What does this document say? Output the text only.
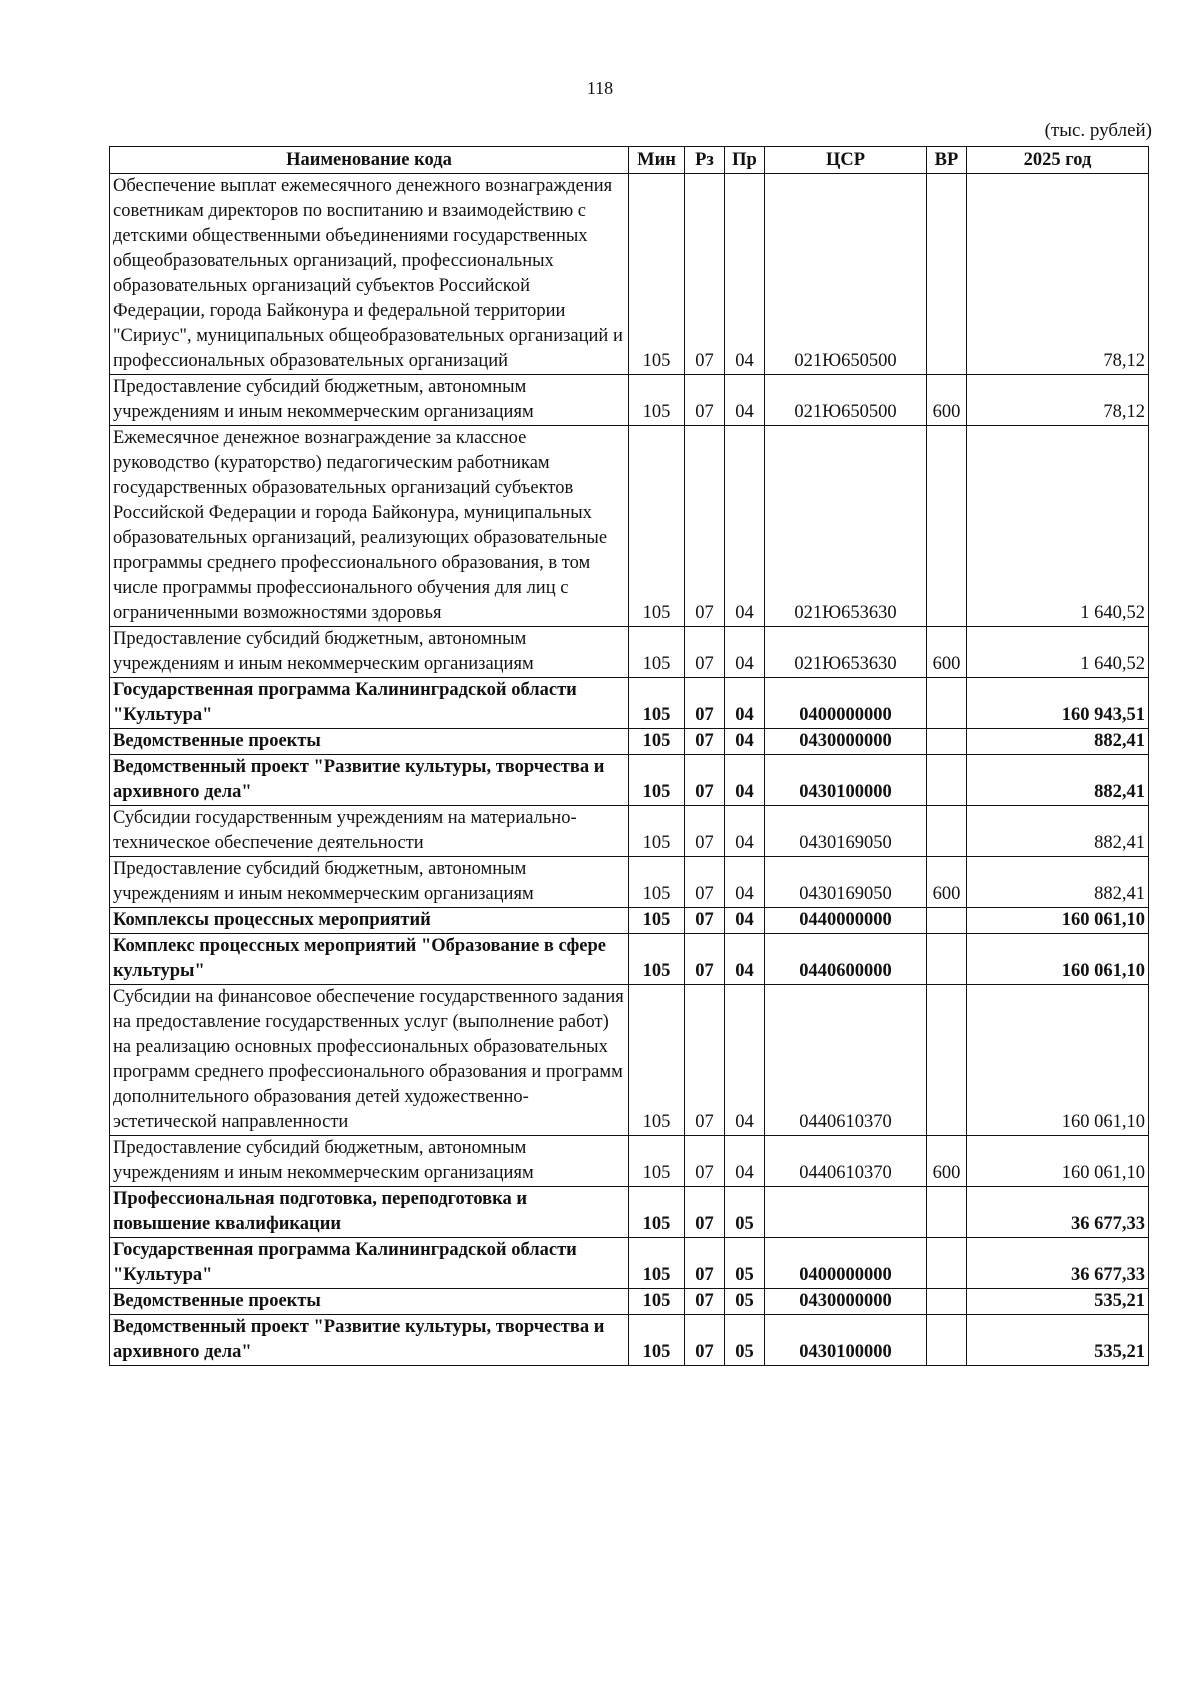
118
(тыс. рублей)
Наименование кода	Мин	Рз	Пр	ЦСР	ВР	2025 год
Обеспечение выплат ежемесячного денежного вознаграждения советникам директоров по воспитанию и взаимодействию с детскими общественными объединениями государственных общеобразовательных организаций, профессиональных образовательных организаций субъектов Российской Федерации, города Байконура и федеральной территории "Сириус", муниципальных общеобразовательных организаций и профессиональных образовательных организаций	105	07	04	021Ю650500		78,12
Предоставление субсидий бюджетным, автономным учреждениям и иным некоммерческим организациям	105	07	04	021Ю650500	600	78,12
Ежемесячное денежное вознаграждение за классное руководство (кураторство) педагогическим работникам государственных образовательных организаций субъектов Российской Федерации и города Байконура, муниципальных образовательных организаций, реализующих образовательные программы среднего профессионального образования, в том числе программы профессионального обучения для лиц с ограниченными возможностями здоровья	105	07	04	021Ю653630		1 640,52
Предоставление субсидий бюджетным, автономным учреждениям и иным некоммерческим организациям	105	07	04	021Ю653630	600	1 640,52
Государственная программа Калининградской области "Культура"	105	07	04	0400000000		160 943,51
Ведомственные проекты	105	07	04	0430000000		882,41
Ведомственный проект "Развитие культуры, творчества и архивного дела"	105	07	04	0430100000		882,41
Субсидии государственным учреждениям на материально-техническое обеспечение деятельности	105	07	04	0430169050		882,41
Предоставление субсидий бюджетным, автономным учреждениям и иным некоммерческим организациям	105	07	04	0430169050	600	882,41
Комплексы процессных мероприятий	105	07	04	0440000000		160 061,10
Комплекс процессных мероприятий "Образование в сфере культуры"	105	07	04	0440600000		160 061,10
Субсидии на финансовое обеспечение государственного задания на предоставление государственных услуг (выполнение работ) на реализацию основных профессиональных образовательных программ среднего профессионального образования и программ дополнительного образования детей художественно-эстетической направленности	105	07	04	0440610370		160 061,10
Предоставление субсидий бюджетным, автономным учреждениям и иным некоммерческим организациям	105	07	04	0440610370	600	160 061,10
Профессиональная подготовка, переподготовка и повышение квалификации	105	07	05			36 677,33
Государственная программа Калининградской области "Культура"	105	07	05	0400000000		36 677,33
Ведомственные проекты	105	07	05	0430000000		535,21
Ведомственный проект "Развитие культуры, творчества и архивного дела"	105	07	05	0430100000		535,21
